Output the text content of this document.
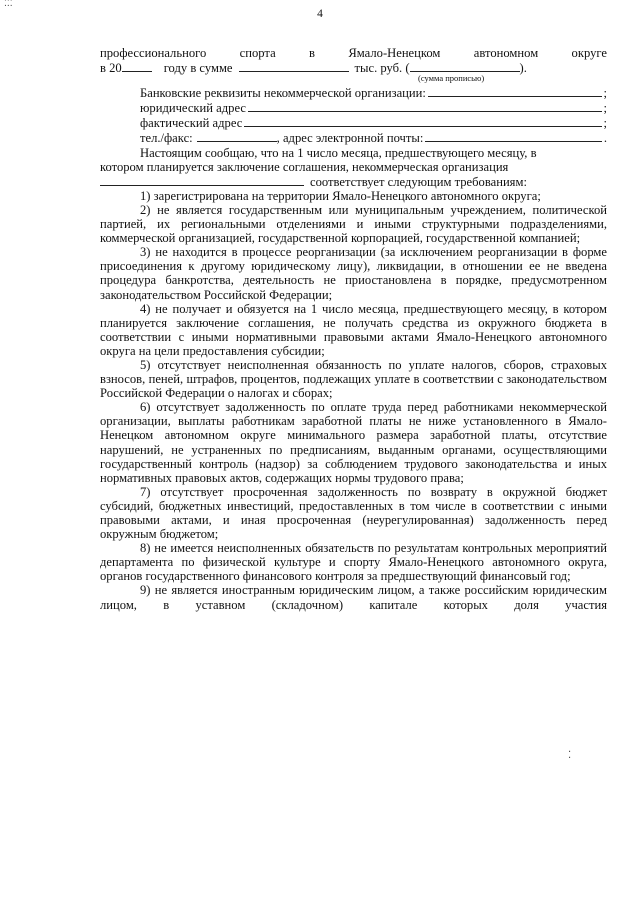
⁚⁚⁚
4

профессионального	спорта	в	Ямало-Ненецком	автономном	округе

в 20	году в сумме	тыс. руб. (	).
(сумма прописью)
Банковские реквизиты некоммерческой организации:	;
юридический адрес	;
фактический адрес	;
тел./факс:	, адрес электронной почты:	.

Настоящим сообщаю, что на 1 число месяца, предшествующего месяцу, в

котором планируется заключение соглашения, некоммерческая организация

соответствует следующим требованиям:

1) зарегистрирована на территории Ямало-Ненецкого автономного округа;

2) не является государственным или муниципальным учреждением, политической партией, их региональными отделениями и иными структурными подразделениями, коммерческой организацией, государственной корпорацией, государственной компанией;

3) не находится в процессе реорганизации (за исключением реорганизации в форме присоединения к другому юридическому лицу), ликвидации, в отношении ее не введена процедура банкротства, деятельность не приостановлена в порядке, предусмотренном законодательством Российской Федерации;

4) не получает и обязуется на 1 число месяца, предшествующего месяцу, в котором планируется заключение соглашения, не получать средства из окружного бюджета в соответствии с иными нормативными правовыми актами Ямало-Ненецкого автономного округа на цели предоставления субсидии;

5) отсутствует неисполненная обязанность по уплате налогов, сборов, страховых взносов, пеней, штрафов, процентов, подлежащих уплате в соответствии с законодательством Российской Федерации о налогах и сборах;

6) отсутствует задолженность по оплате труда перед работниками некоммерческой организации, выплаты работникам заработной платы не ниже установленного в Ямало-Ненецком автономном округе минимального размера заработной платы, отсутствие нарушений, не устраненных по предписаниям, выданным органами, осуществляющими государственный контроль (надзор) за соблюдением трудового законодательства и иных нормативных правовых актов, содержащих нормы трудового права;

7) отсутствует просроченная задолженность по возврату в окружной бюджет субсидий, бюджетных инвестиций, предоставленных в том числе в соответствии с иными правовыми актами, и иная просроченная (неурегулированная) задолженность перед окружным бюджетом;

8) не имеется неисполненных обязательств по результатам контрольных мероприятий департамента по физической культуре и спорту Ямало-Ненецкого автономного округа, органов государственного финансового контроля за предшествующий финансовый год;

9) не является иностранным юридическим лицом, а также российским юридическим лицом, в уставном (складочном) капитале которых доля участия

⁚
